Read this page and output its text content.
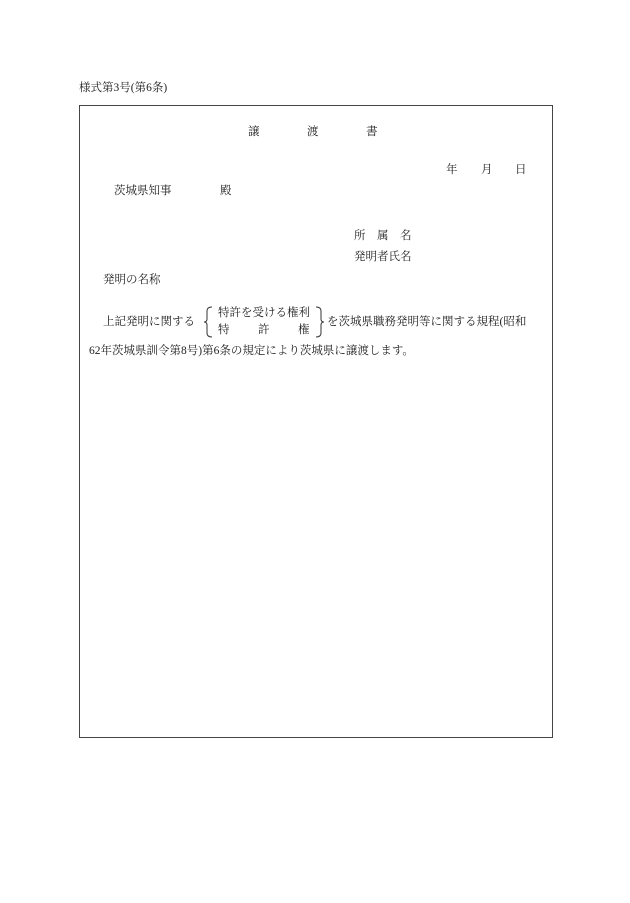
様式第3号(第6条)
譲渡書
年 月 日
茨城県知事	殿
所属名
発明者氏名
発明の名称
上記発明に関する
特許を受ける権利
特許権
を茨城県職務発明等に関する規程(昭和
62年茨城県訓令第8号)第6条の規定により茨城県に譲渡します。
